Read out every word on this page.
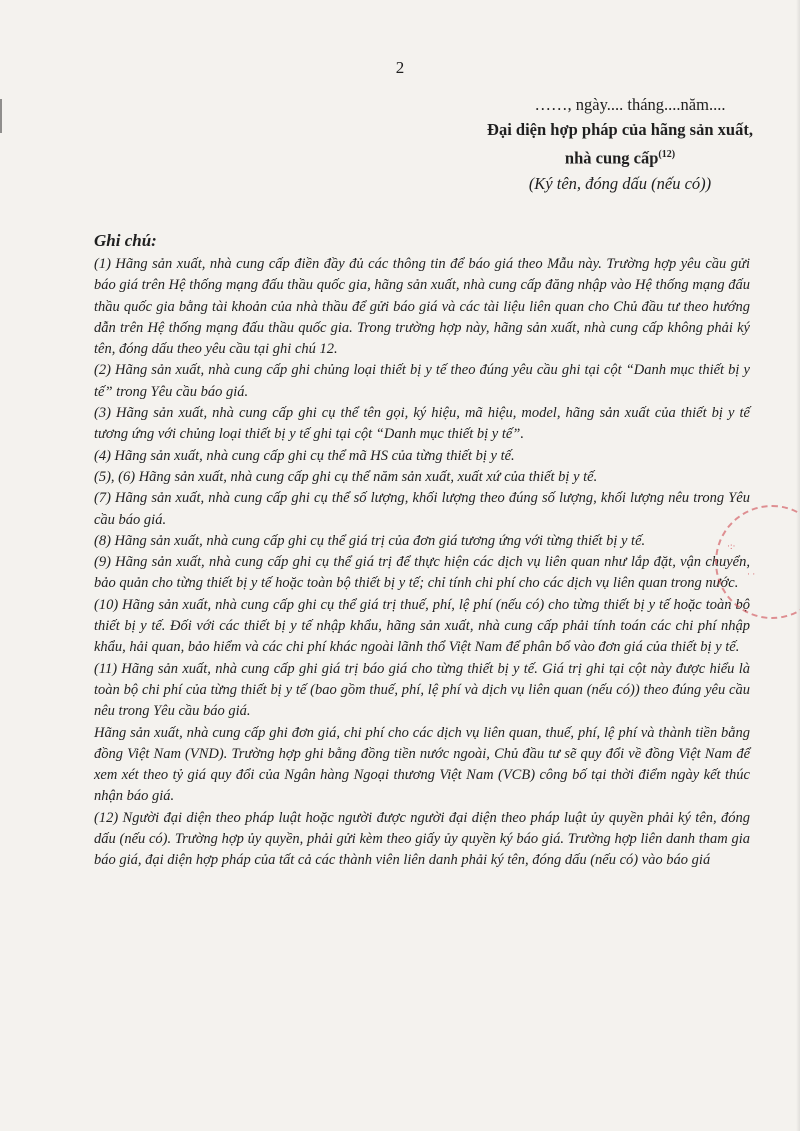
2
……, ngày.... tháng....năm....
Đại diện hợp pháp của hãng sản xuất,
nhà cung cấp$^{(12)}$
(Ký tên, đóng dấu (nếu có))
Ghi chú:

(1) Hãng sản xuất, nhà cung cấp điền đầy đủ các thông tin để báo giá theo Mẫu này. Trường hợp yêu cầu gửi báo giá trên Hệ thống mạng đấu thầu quốc gia, hãng sản xuất, nhà cung cấp đăng nhập vào Hệ thống mạng đấu thầu quốc gia bằng tài khoản của nhà thầu để gửi báo giá và các tài liệu liên quan cho Chủ đầu tư theo hướng dẫn trên Hệ thống mạng đấu thầu quốc gia. Trong trường hợp này, hãng sản xuất, nhà cung cấp không phải ký tên, đóng dấu theo yêu cầu tại ghi chú 12.

(2) Hãng sản xuất, nhà cung cấp ghi chủng loại thiết bị y tế theo đúng yêu cầu ghi tại cột “Danh mục thiết bị y tế” trong Yêu cầu báo giá.

(3) Hãng sản xuất, nhà cung cấp ghi cụ thể tên gọi, ký hiệu, mã hiệu, model, hãng sản xuất của thiết bị y tế tương ứng với chủng loại thiết bị y tế ghi tại cột “Danh mục thiết bị y tế”.

(4) Hãng sản xuất, nhà cung cấp ghi cụ thể mã HS của từng thiết bị y tế.

(5), (6) Hãng sản xuất, nhà cung cấp ghi cụ thể năm sản xuất, xuất xứ của thiết bị y tế.

(7) Hãng sản xuất, nhà cung cấp ghi cụ thể số lượng, khối lượng theo đúng số lượng, khối lượng nêu trong Yêu cầu báo giá.

(8) Hãng sản xuất, nhà cung cấp ghi cụ thể giá trị của đơn giá tương ứng với từng thiết bị y tế.

(9) Hãng sản xuất, nhà cung cấp ghi cụ thể giá trị để thực hiện các dịch vụ liên quan như lắp đặt, vận chuyển, bảo quản cho từng thiết bị y tế hoặc toàn bộ thiết bị y tế; chỉ tính chi phí cho các dịch vụ liên quan trong nước.

(10) Hãng sản xuất, nhà cung cấp ghi cụ thể giá trị thuế, phí, lệ phí (nếu có) cho từng thiết bị y tế hoặc toàn bộ thiết bị y tế. Đối với các thiết bị y tế nhập khẩu, hãng sản xuất, nhà cung cấp phải tính toán các chi phí nhập khẩu, hải quan, bảo hiểm và các chi phí khác ngoài lãnh thổ Việt Nam để phân bổ vào đơn giá của thiết bị y tế.

(11) Hãng sản xuất, nhà cung cấp ghi giá trị báo giá cho từng thiết bị y tế. Giá trị ghi tại cột này được hiểu là toàn bộ chi phí của từng thiết bị y tế (bao gồm thuế, phí, lệ phí và dịch vụ liên quan (nếu có)) theo đúng yêu cầu nêu trong Yêu cầu báo giá.

Hãng sản xuất, nhà cung cấp ghi đơn giá, chi phí cho các dịch vụ liên quan, thuế, phí, lệ phí và thành tiền bằng đồng Việt Nam (VND). Trường hợp ghi bằng đồng tiền nước ngoài, Chủ đầu tư sẽ quy đổi về đồng Việt Nam để xem xét theo tỷ giá quy đổi của Ngân hàng Ngoại thương Việt Nam (VCB) công bố tại thời điểm ngày kết thúc nhận báo giá.

(12) Người đại diện theo pháp luật hoặc người được người đại diện theo pháp luật ủy quyền phải ký tên, đóng dấu (nếu có). Trường hợp ủy quyền, phải gửi kèm theo giấy ủy quyền ký báo giá. Trường hợp liên danh tham gia báo giá, đại diện hợp pháp của tất cả các thành viên liên danh phải ký tên, đóng dấu (nếu có) vào báo giá

·:·
· ·
